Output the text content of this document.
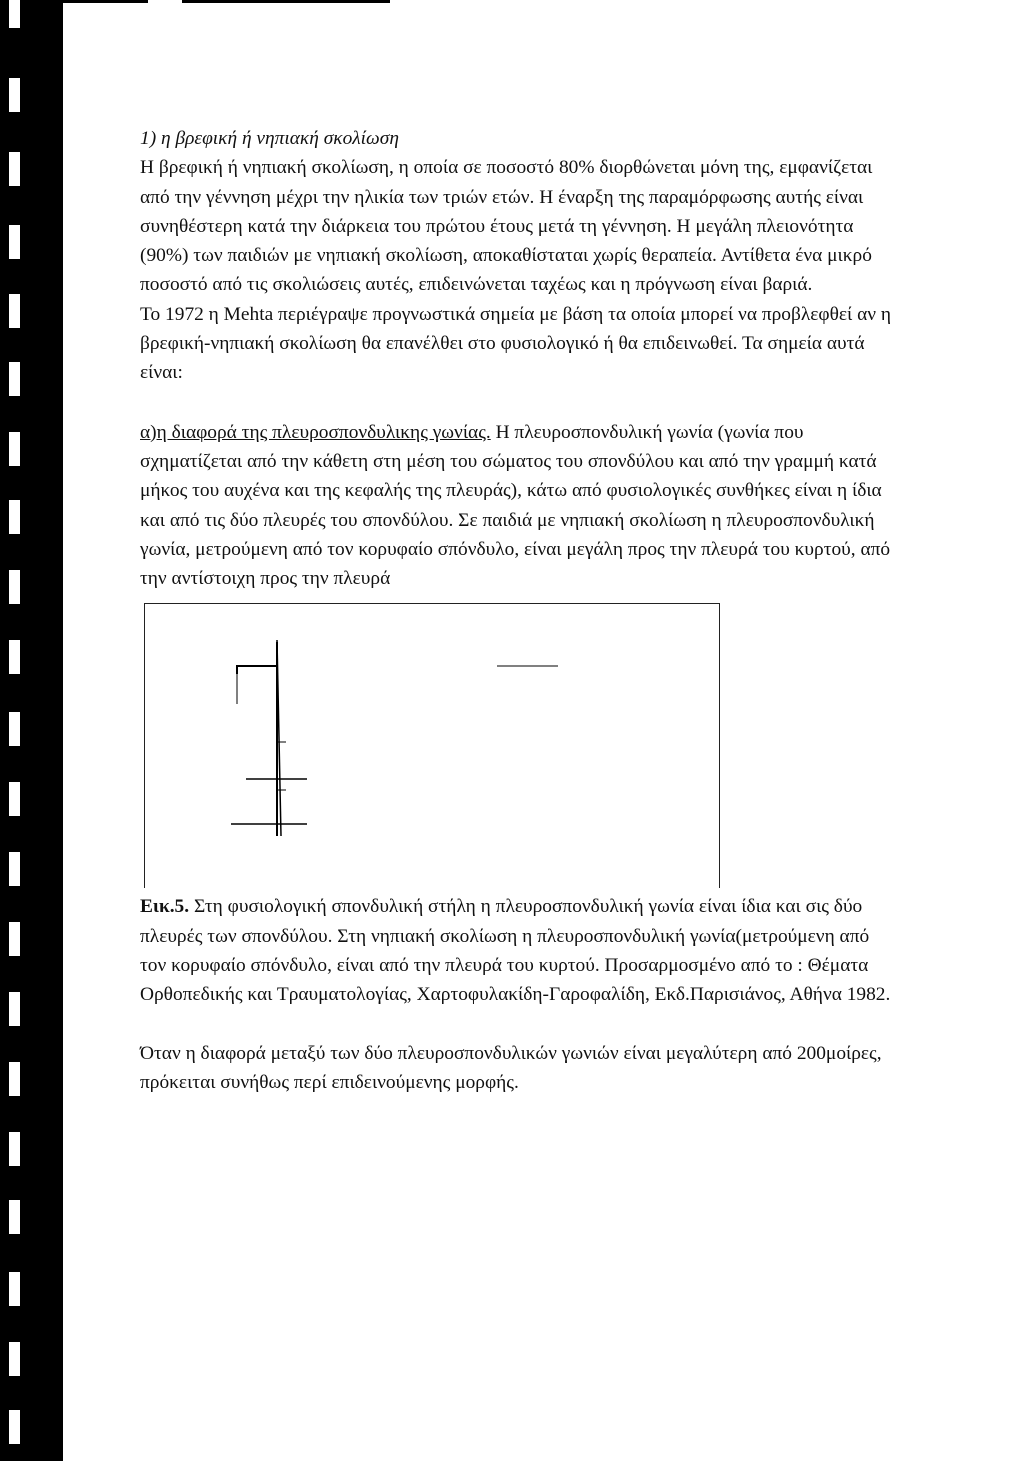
1) η βρεφική ή νηπιακή σκολίωση

Η βρεφική ή νηπιακή σκολίωση, η οποία σε ποσοστό 80% διορθώνεται μόνη της, εμφανίζεται από την γέννηση μέχρι την ηλικία των τριών ετών. Η έναρξη της παραμόρφωσης αυτής είναι συνηθέστερη κατά την διάρκεια του πρώτου έτους μετά τη γέννηση. Η μεγάλη πλειονότητα (90%) των παιδιών με νηπιακή σκολίωση, αποκαθίσταται χωρίς θεραπεία. Αντίθετα ένα μικρό ποσοστό από τις σκολιώσεις αυτές, επιδεινώνεται ταχέως και η πρόγνωση είναι βαριά.

Το 1972 η Mehta περιέγραψε προγνωστικά σημεία με βάση τα οποία μπορεί να προβλεφθεί αν η βρεφική-νηπιακή σκολίωση θα επανέλθει στο φυσιολογικό ή θα επιδεινωθεί. Τα σημεία αυτά είναι:

α)η διαφορά της πλευροσπονδυλικης γωνίας. Η πλευροσπονδυλική γωνία (γωνία που σχηματίζεται από την κάθετη στη μέση του σώματος του σπονδύλου και από την γραμμή κατά μήκος του αυχένα και της κεφαλής της πλευράς), κάτω από φυσιολογικές συνθήκες είναι η ίδια και από τις δύο πλευρές του σπονδύλου. Σε παιδιά με νηπιακή σκολίωση η πλευροσπονδυλική γωνία, μετρούμενη από τον κορυφαίο σπόνδυλο, είναι μεγάλη προς την πλευρά του κυρτού, από την αντίστοιχη προς την πλευρά

Εικ.5. Στη φυσιολογική σπονδυλική στήλη η πλευροσπονδυλική γωνία είναι ίδια και σις δύο πλευρές των σπονδύλου. Στη νηπιακή σκολίωση η πλευροσπονδυλική γωνία(μετρούμενη από τον κορυφαίο σπόνδυλο, είναι από την πλευρά του κυρτού. Προσαρμοσμένο από το : Θέματα Ορθοπεδικής και Τραυματολογίας, Χαρτοφυλακίδη-Γαροφαλίδη, Εκδ.Παρισιάνος, Αθήνα 1982.

Όταν η διαφορά μεταξύ των δύο πλευροσπονδυλικών γωνιών είναι μεγαλύτερη από 200μοίρες, πρόκειται συνήθως περί επιδεινούμενης μορφής.
